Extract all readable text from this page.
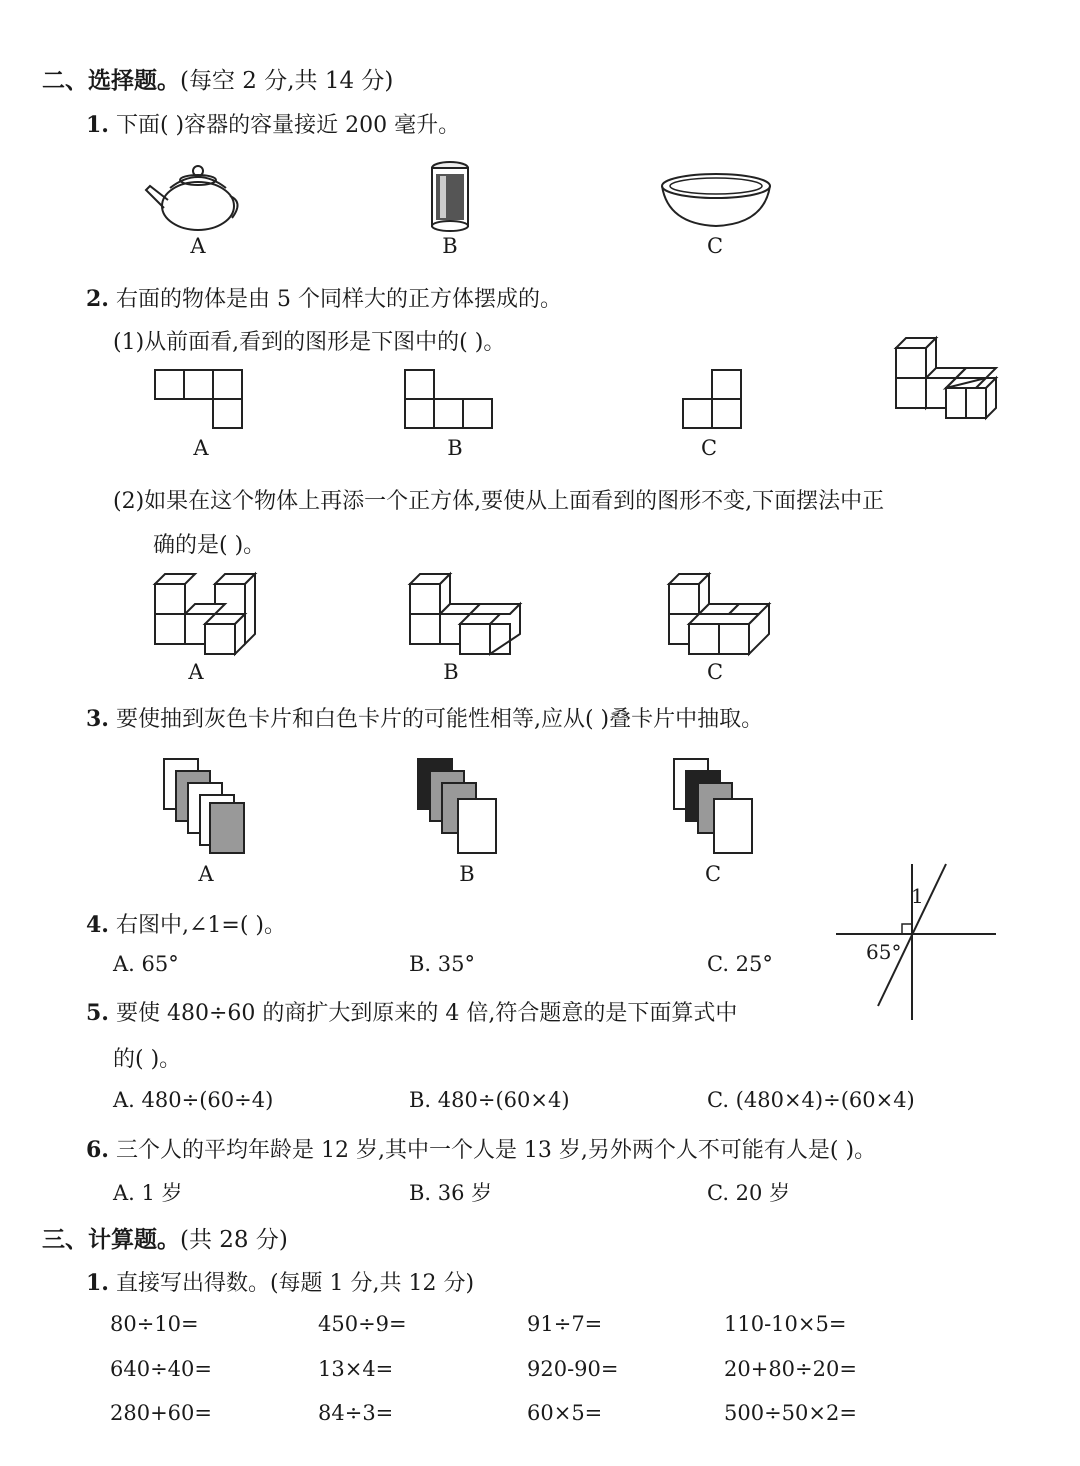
二、选择题。(每空 2 分,共 14 分)
1. 下面( )容器的容量接近 200 毫升。
A	B	C
2. 右面的物体是由 5 个同样大的正方体摆成的。
(1)从前面看,看到的图形是下图中的( )。
A	B	C
(2)如果在这个物体上再添一个正方体,要使从上面看到的图形不变,下面摆法中正
确的是( )。
A	B	C
3. 要使抽到灰色卡片和白色卡片的可能性相等,应从( )叠卡片中抽取。
A	B	C
4. 右图中,∠1=( )。
A. 65°	B. 35°	C. 25°
1
65°
5. 要使 480÷60 的商扩大到原来的 4 倍,符合题意的是下面算式中
的( )。
A. 480÷(60÷4)	B. 480÷(60×4)	C. (480×4)÷(60×4)
6. 三个人的平均年龄是 12 岁,其中一个人是 13 岁,另外两个人不可能有人是( )。
A. 1 岁	B. 36 岁	C. 20 岁
三、计算题。(共 28 分)
1. 直接写出得数。(每题 1 分,共 12 分)
80÷10=	450÷9=	91÷7=	110-10×5=
640÷40=	13×4=	920-90=	20+80÷20=
280+60=	84÷3=	60×5=	500÷50×2=
